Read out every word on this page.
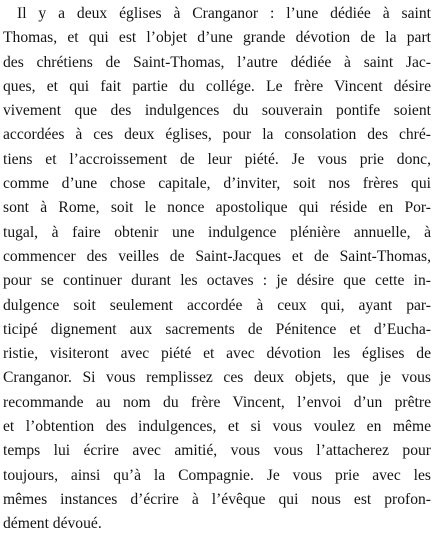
Il y a deux églises à Cranganor : l’une dédiée à saint
Thomas, et qui est l’objet d’une grande dévotion de la part
des chrétiens de Saint-Thomas, l’autre dédiée à saint Jac-
ques, et qui fait partie du collége. Le frère Vincent désire
vivement que des indulgences du souverain pontife soient
accordées à ces deux églises, pour la consolation des chré-
tiens et l’accroissement de leur piété. Je vous prie donc,
comme d’une chose capitale, d’inviter, soit nos frères qui
sont à Rome, soit le nonce apostolique qui réside en Por-
tugal, à faire obtenir une indulgence plénière annuelle, à
commencer des veilles de Saint-Jacques et de Saint-Thomas,
pour se continuer durant les octaves : je désire que cette in-
dulgence soit seulement accordée à ceux qui, ayant par-
ticipé dignement aux sacrements de Pénitence et d’Eucha-
ristie, visiteront avec piété et avec dévotion les églises de
Cranganor. Si vous remplissez ces deux objets, que je vous
recommande au nom du frère Vincent, l’envoi d’un prêtre
et l’obtention des indulgences, et si vous voulez en même
temps lui écrire avec amitié, vous vous l’attacherez pour
toujours, ainsi qu’à la Compagnie. Je vous prie avec les
mêmes instances d’écrire à l’évêque qui nous est profon-
dément dévoué.
